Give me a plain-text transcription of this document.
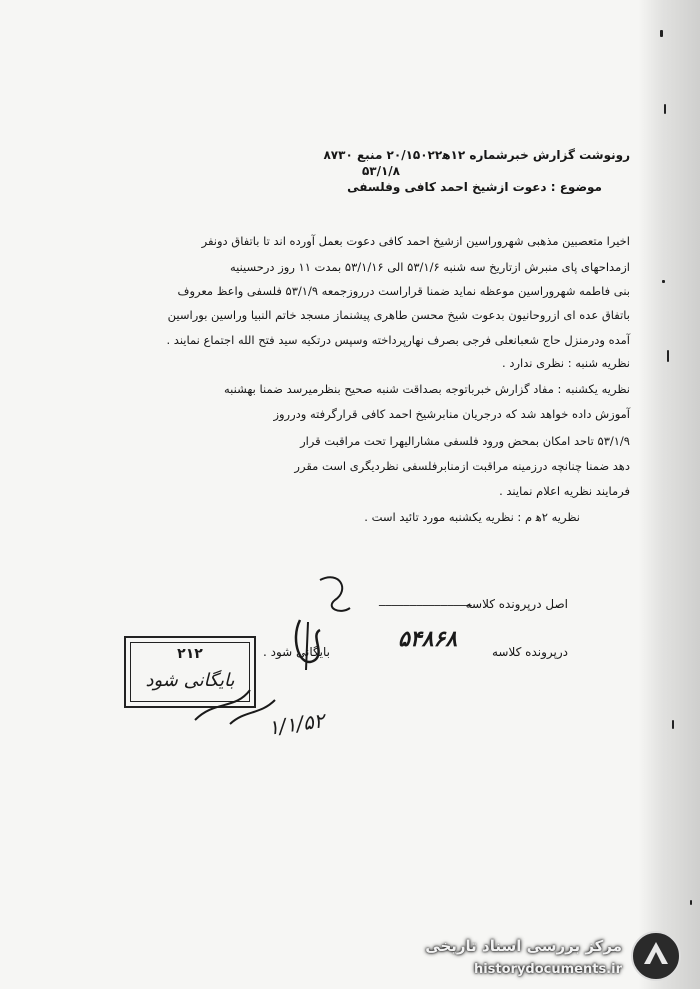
رونوشت گزارش خبرشماره ۱۲ﻫ۲۰/۱۵۰۲۲ منبع ۸۷۳۰
۵۳/۱/۸
موضوع : دعوت ازشیخ احمد کافی وفلسفی
اخیرا متعصبین مذهبی شهروراسین ازشیخ احمد کافی دعوت بعمل آورده اند تا باتفاق دونفر
ازمداحهای پای منبرش ازتاریخ سه شنبه ۵۳/۱/۶ الی ۵۳/۱/۱۶ بمدت ۱۱ روز درحسینیه
بنی فاطمه شهروراسین موعظه نماید ضمنا قراراست درروزجمعه ۵۳/۱/۹ فلسفی واعظ معروف
باتفاق عده ای ازروحانیون بدعوت شیخ محسن طاهری پیشنماز مسجد خاتم النبیا وراسین بوراسین
آمده ودرمنزل حاج شعبانعلی فرجی بصرف نهارپرداخته وسپس درتکیه سید فتح الله اجتماع نمایند .
نظریه شنبه : نظری ندارد .
نظریه یکشنبه : مفاد گزارش خبرباتوجه بصداقت شنبه صحیح بنظرمیرسد ضمنا بهشنبه
آموزش داده خواهد شد که درجریان منابرشیخ احمد کافی قرارگرفته ودرروز
۵۳/۱/۹ تاحد امکان بمحض ورود فلسفی مشارالیهرا تحت مراقبت قرار
دهد ضمنا چنانچه درزمینه مراقبت ازمنابرفلسفی نظردیگری است مقرر
فرمایند نظریه اعلام نمایند .
نظریه ۲ﻫ م : نظریه یکشنبه مورد تائید است .
اصل درپرونده کلاسه
_______________
درپرونده کلاسه
۵۴۸۶۸
بایگانی شود .
۲۱۲
بایگانی شود
۱/۱/۵۲
مرکز بررسی اسناد تاریخی
historydocuments.ir
